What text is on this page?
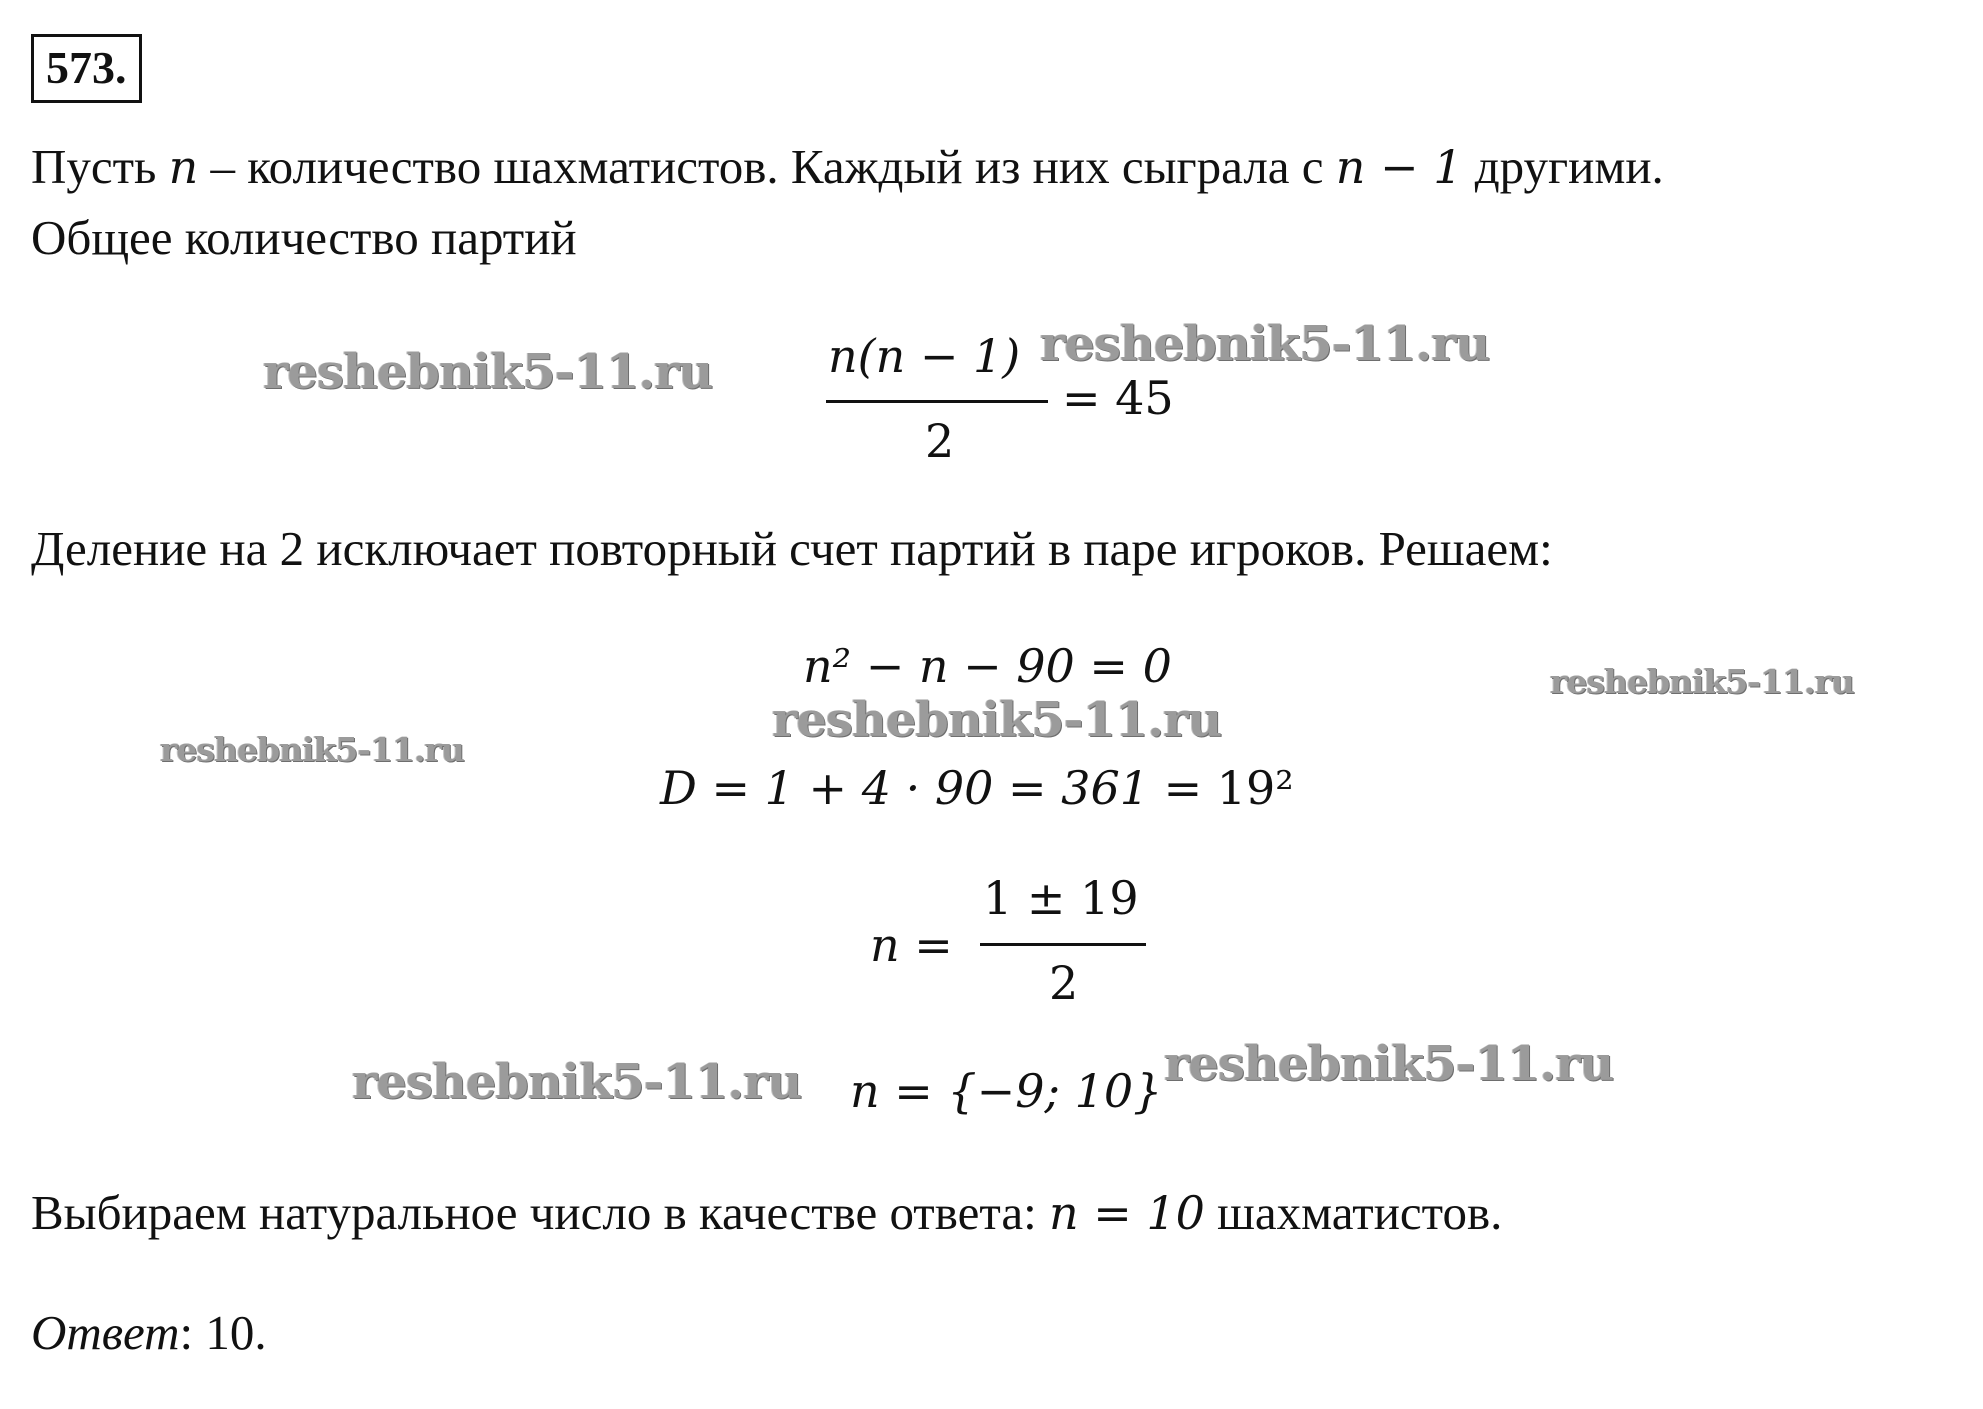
573.
Пусть n – количество шахматистов. Каждый из них сыграла с n − 1 другими.
Общее количество партий
n(n − 1)
2
= 45
Деление на 2 исключает повторный счет партий в паре игроков. Решаем:
n² − n − 90 = 0
D = 1 + 4 · 90 = 361 = 19²
n =
1 ± 19
2
n = {−9; 10}
Выбираем натуральное число в качестве ответа: n = 10 шахматистов.
Ответ: 10.
reshebnik5-11.ru	reshebnik5-11.ru
reshebnik5-11.ru
reshebnik5-11.ru
reshebnik5-11.ru
reshebnik5-11.ru	reshebnik5-11.ru
